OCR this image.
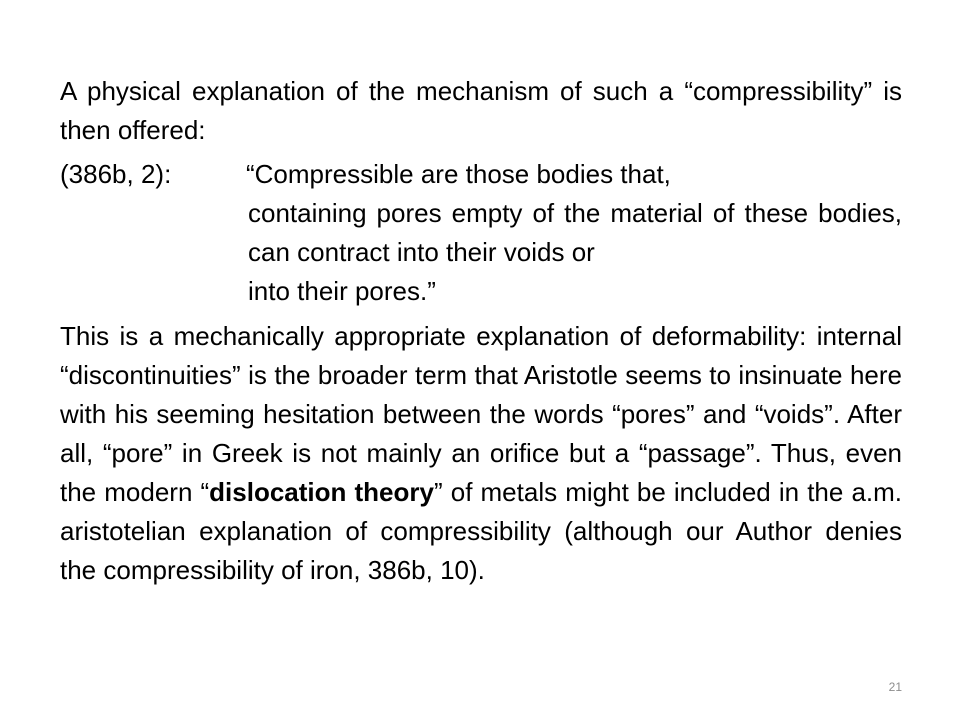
A physical explanation of the mechanism of such a “compressibility” is then offered:

(386b, 2):	“Compressible are those bodies that,
containing pores empty of the material of these bodies, can contract into their voids or
into their pores.”

This is a mechanically appropriate explanation of deformability: internal “discontinuities” is the broader term that Aristotle seems to insinuate here with his seeming hesitation between the words “pores” and “voids”. After all, “pore” in Greek is not mainly an orifice but a “passage”. Thus, even the modern “dislocation theory” of metals might be included in the a.m. aristotelian explanation of compressibility (although our Author denies the compressibility of iron, 386b, 10).

21
